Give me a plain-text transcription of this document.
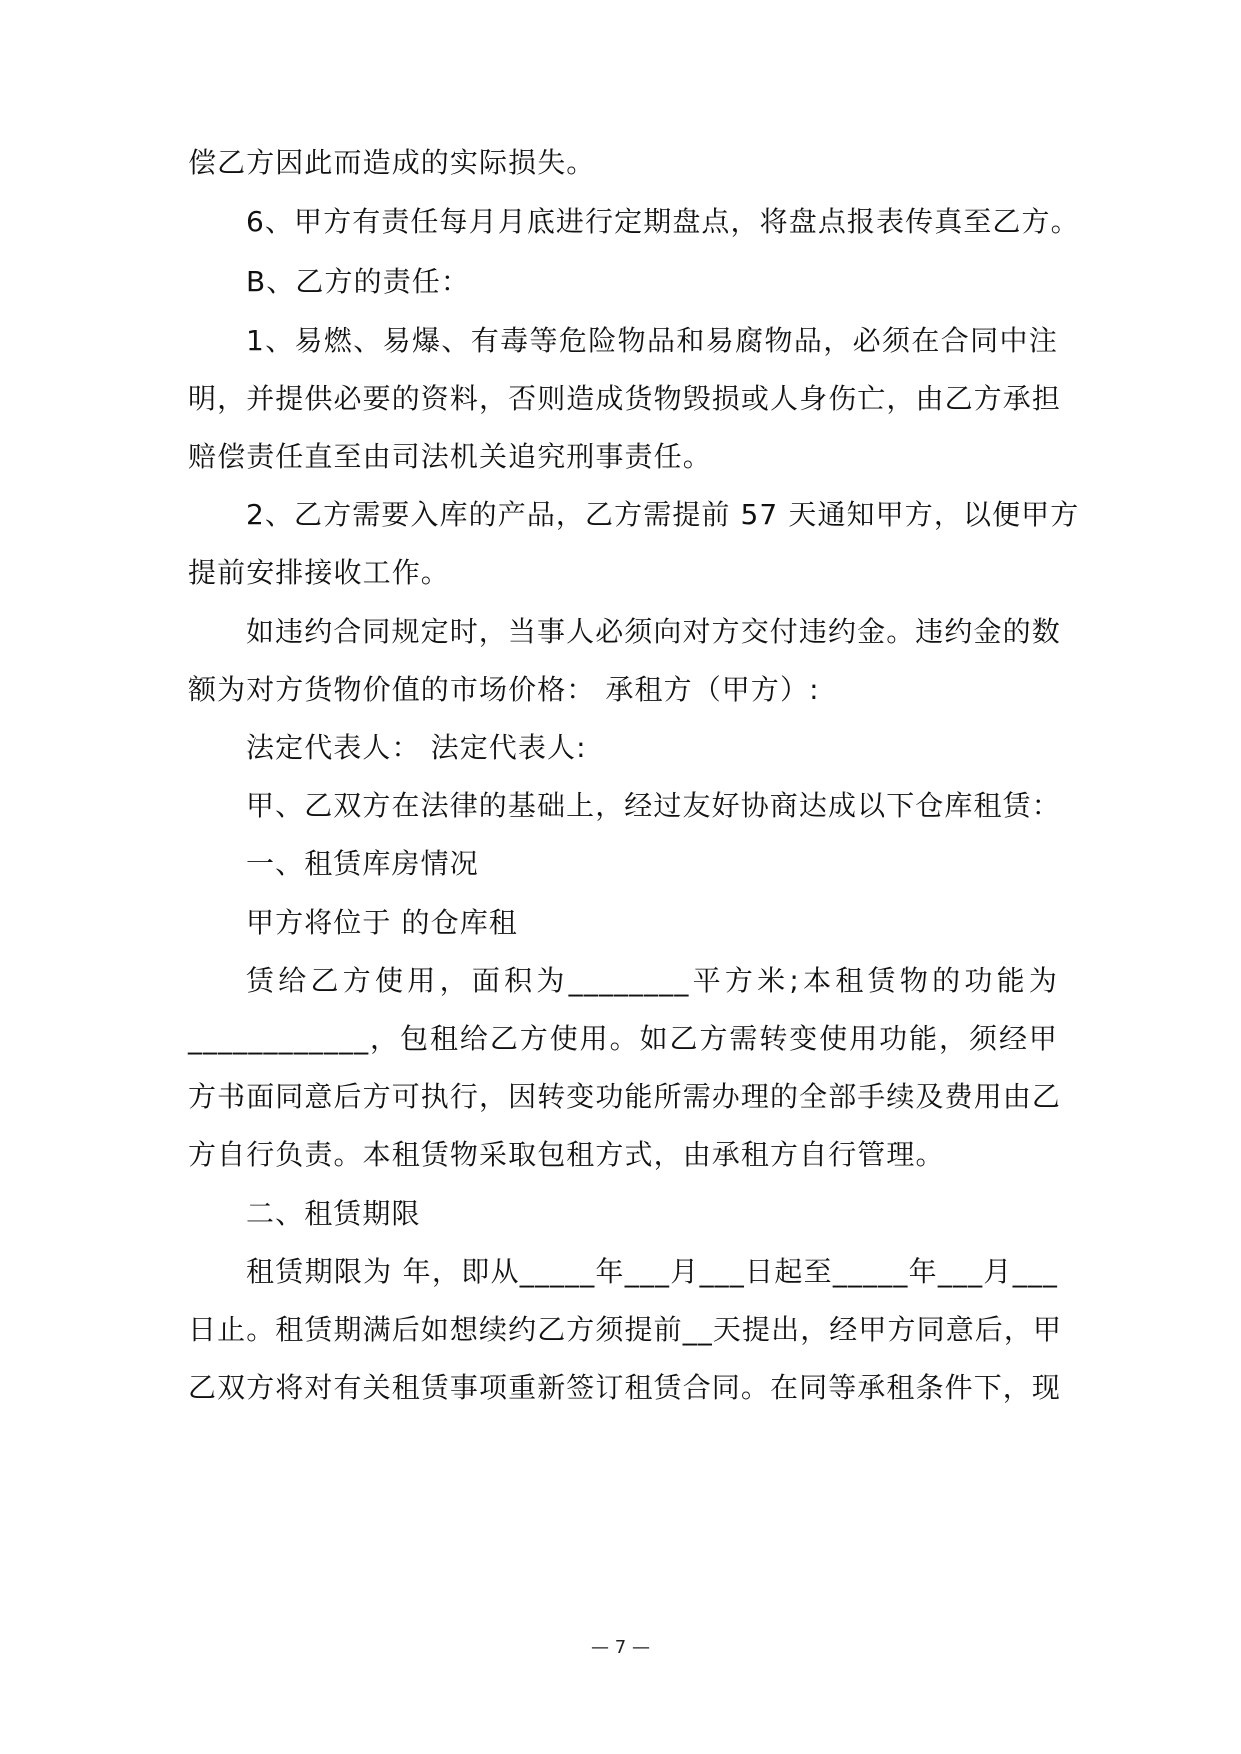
偿乙方因此而造成的实际损失。
6、甲方有责任每月月底进行定期盘点，将盘点报表传真至乙方。
B、乙方的责任：
1、易燃、易爆、有毒等危险物品和易腐物品，必须在合同中注
明，并提供必要的资料，否则造成货物毁损或人身伤亡，由乙方承担
赔偿责任直至由司法机关追究刑事责任。
2、乙方需要入库的产品，乙方需提前 57 天通知甲方，以便甲方
提前安排接收工作。
如违约合同规定时，当事人必须向对方交付违约金。违约金的数
额为对方货物价值的市场价格： 承租方（甲方）:
法定代表人： 法定代表人:
甲、乙双方在法律的基础上，经过友好协商达成以下仓库租赁：
一、租赁库房情况
甲方将位于 的仓库租
赁给乙方使用，面积为________平方米;本租赁物的功能为
____________，包租给乙方使用。如乙方需转变使用功能，须经甲
方书面同意后方可执行，因转变功能所需办理的全部手续及费用由乙
方自行负责。本租赁物采取包租方式，由承租方自行管理。
二、租赁期限
租赁期限为 年，即从_____年___月___日起至_____年___月___
日止。租赁期满后如想续约乙方须提前__天提出，经甲方同意后，甲
乙双方将对有关租赁事项重新签订租赁合同。在同等承租条件下，现
— 7 —
